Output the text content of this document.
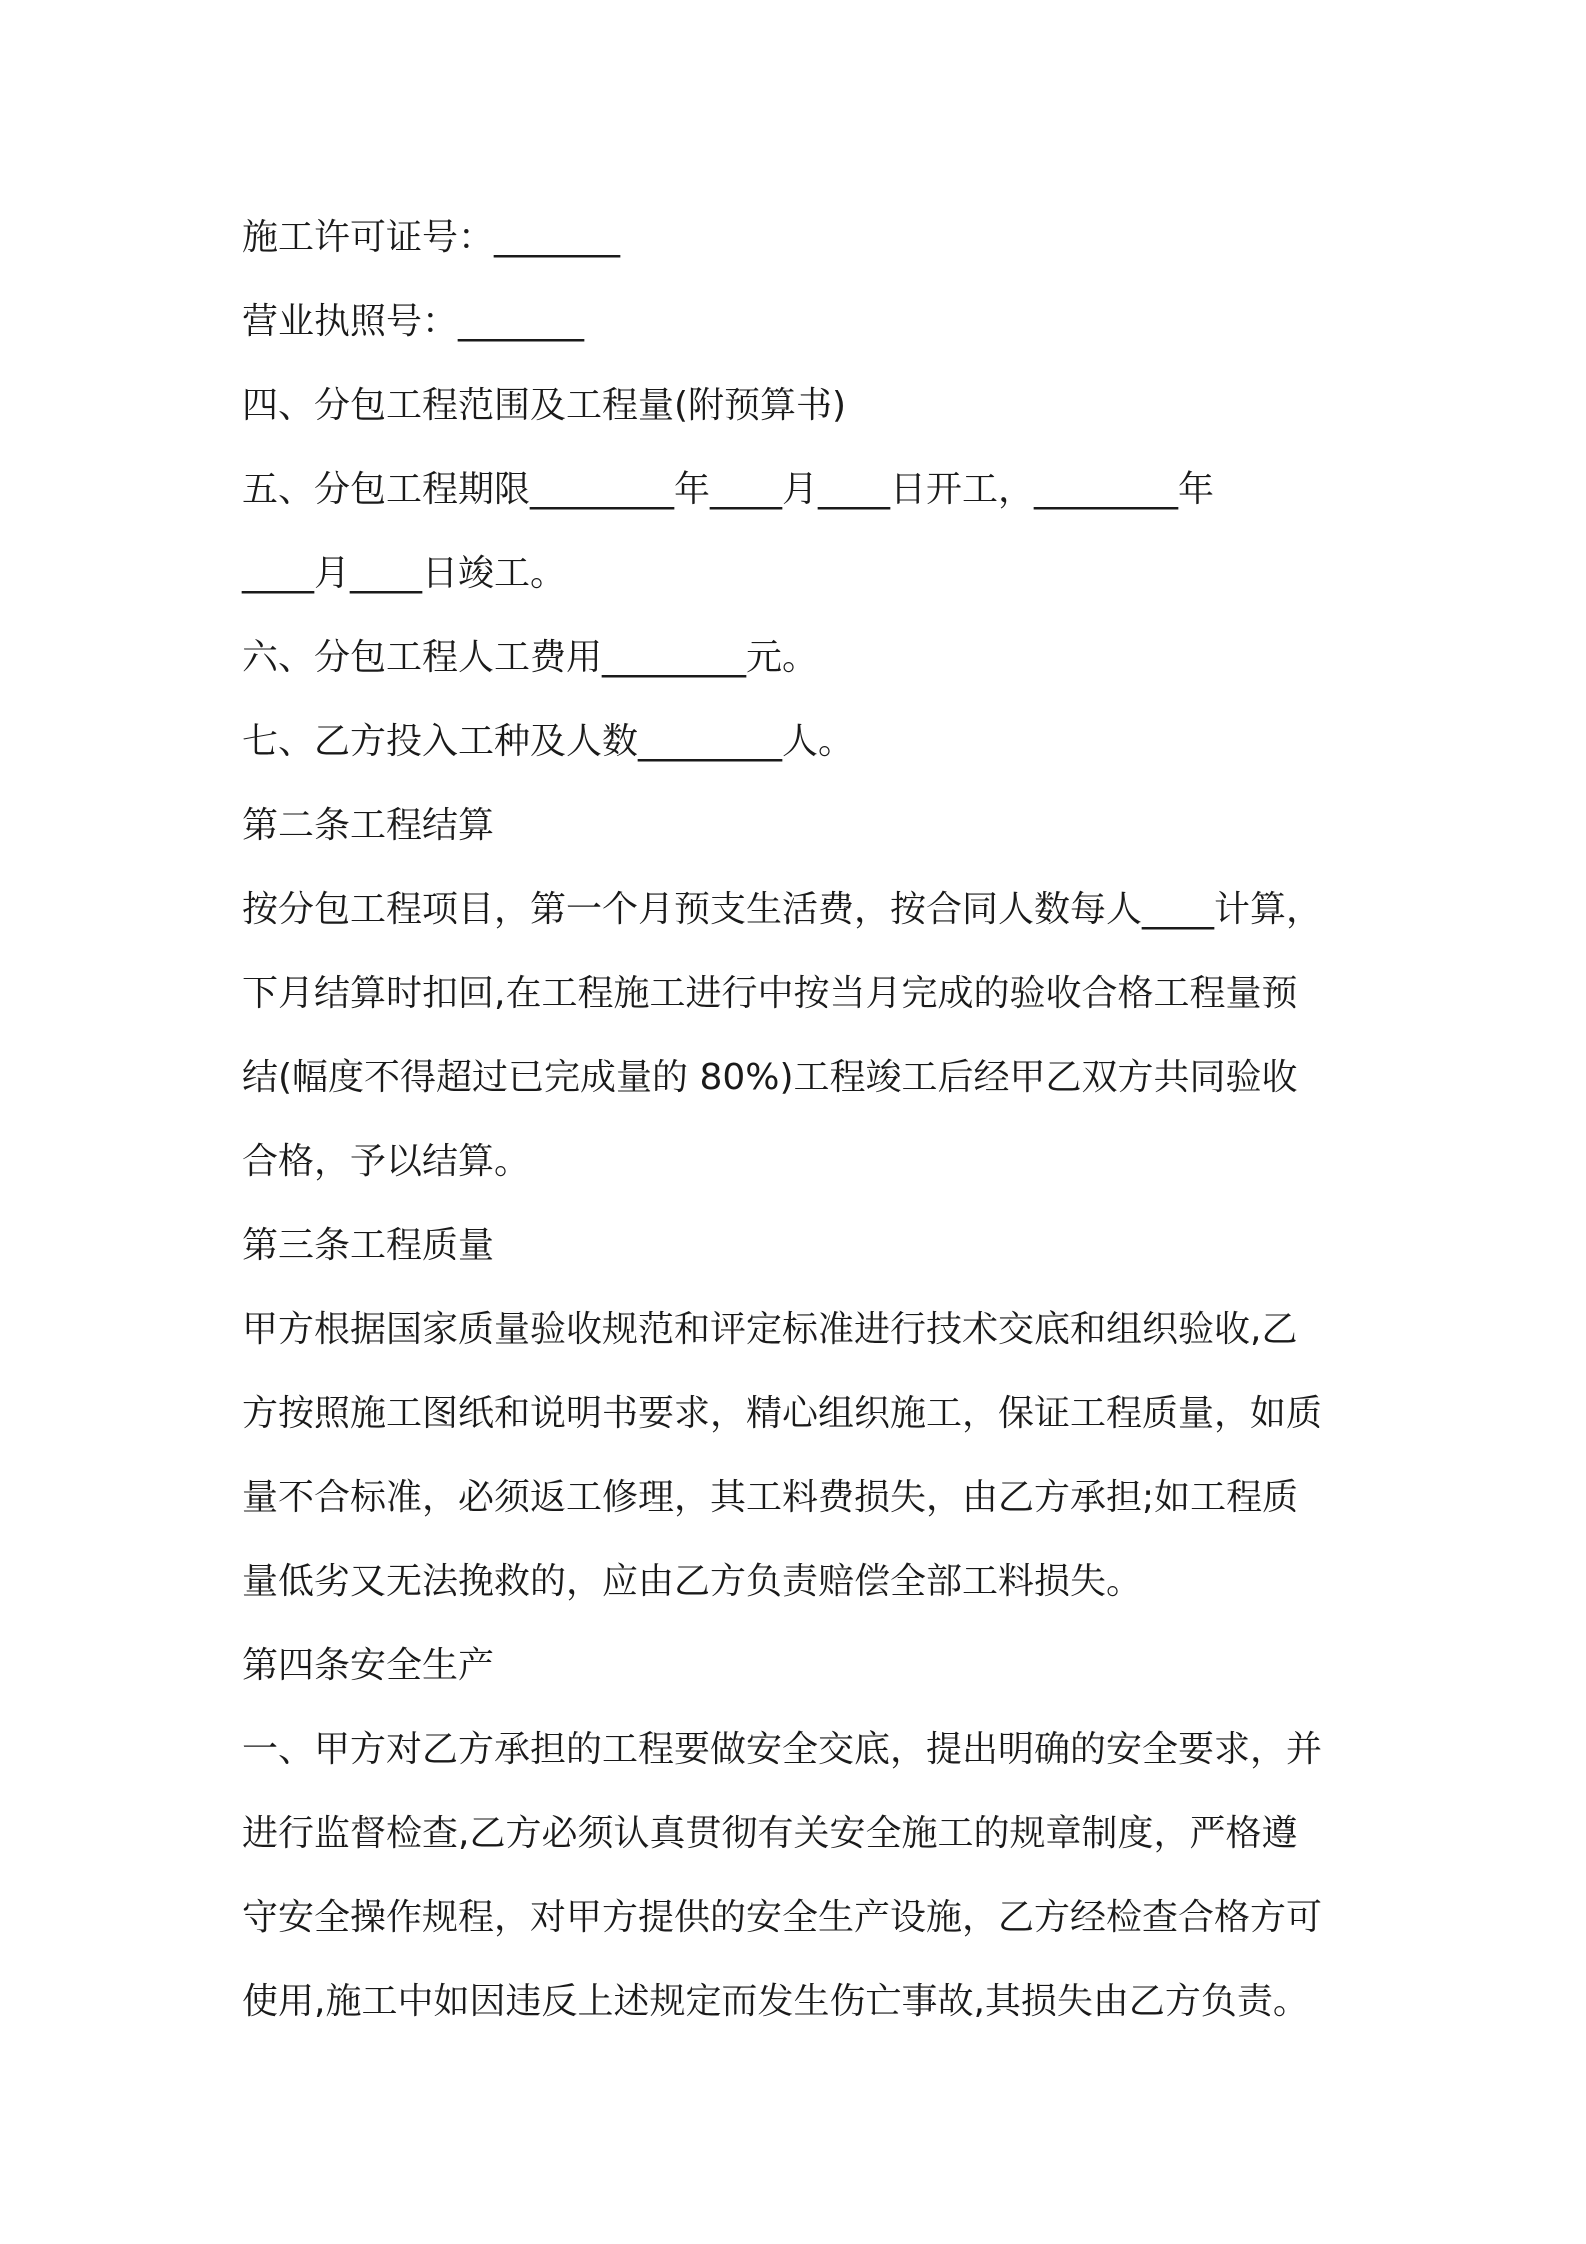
施工许可证号：_______
营业执照号：_______
四、分包工程范围及工程量(附预算书)
五、分包工程期限________年____月____日开工，________年
____月____日竣工。
六、分包工程人工费用________元。
七、乙方投入工种及人数________人。
第二条工程结算
按分包工程项目，第一个月预支生活费，按合同人数每人____计算，
下月结算时扣回,在工程施工进行中按当月完成的验收合格工程量预
结(幅度不得超过已完成量的 80%)工程竣工后经甲乙双方共同验收
合格，予以结算。
第三条工程质量
甲方根据国家质量验收规范和评定标准进行技术交底和组织验收,乙
方按照施工图纸和说明书要求，精心组织施工，保证工程质量，如质
量不合标准，必须返工修理，其工料费损失，由乙方承担;如工程质
量低劣又无法挽救的，应由乙方负责赔偿全部工料损失。
第四条安全生产
一、甲方对乙方承担的工程要做安全交底，提出明确的安全要求，并
进行监督检查,乙方必须认真贯彻有关安全施工的规章制度，严格遵
守安全操作规程，对甲方提供的安全生产设施，乙方经检查合格方可
使用,施工中如因违反上述规定而发生伤亡事故,其损失由乙方负责。
